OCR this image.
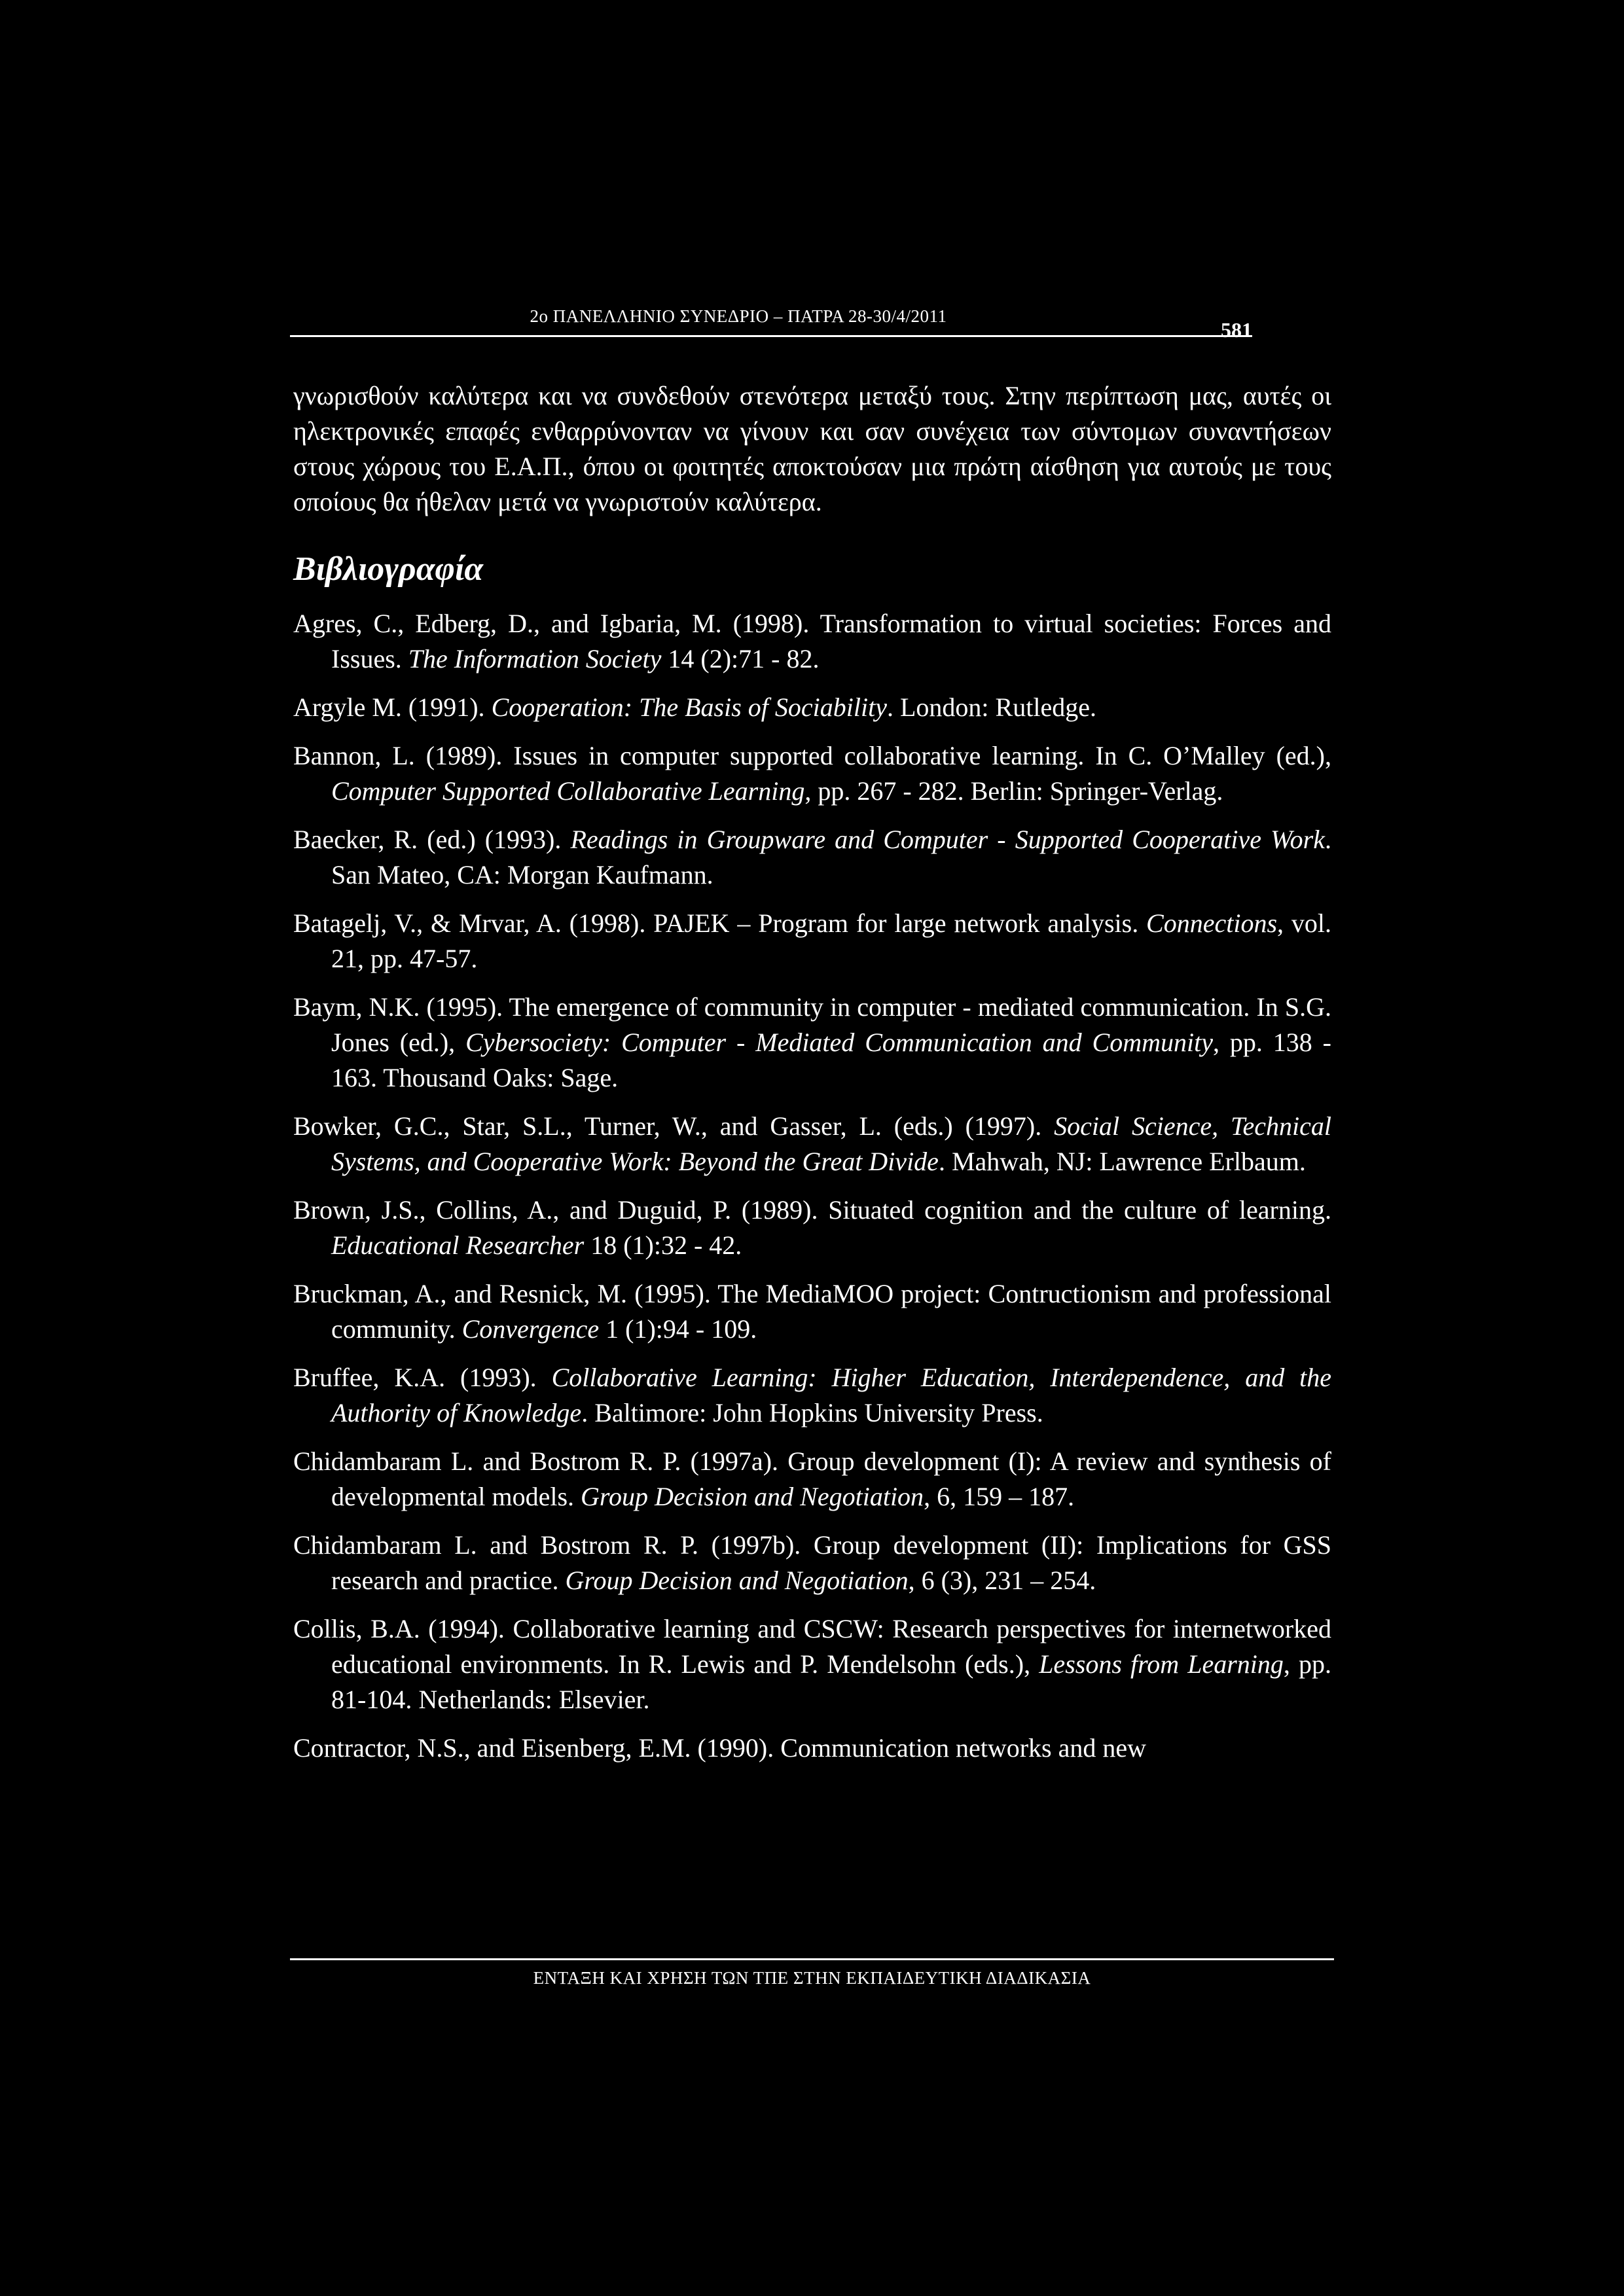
2ο ΠΑΝΕΛΛΗΝΙΟ ΣΥΝΕΔΡΙΟ – ΠΑΤΡΑ 28-30/4/2011
581

γνωρισθούν καλύτερα και να συνδεθούν στενότερα μεταξύ τους. Στην περίπτωση μας, αυτές οι ηλεκτρονικές επαφές ενθαρρύνονταν να γίνουν και σαν συνέχεια των σύντομων συναντήσεων στους χώρους του Ε.Α.Π., όπου οι φοιτητές αποκτούσαν μια πρώτη αίσθηση για αυτούς με τους οποίους θα ήθελαν μετά να γνωριστούν καλύτερα.

Βιβλιογραφία
Agres, C., Edberg, D., and Igbaria, M. (1998). Transformation to virtual societies: Forces and Issues. The Information Society 14 (2):71 - 82.
Argyle M. (1991). Cooperation: The Basis of Sociability. London: Rutledge.
Bannon, L. (1989). Issues in computer supported collaborative learning. In C. O’Malley (ed.), Computer Supported Collaborative Learning, pp. 267 - 282. Berlin: Springer-Verlag.
Baecker, R. (ed.) (1993). Readings in Groupware and Computer - Supported Cooperative Work. San Mateo, CA: Morgan Kaufmann.
Batagelj, V., & Mrvar, A. (1998). PAJEK – Program for large network analysis. Connections, vol. 21, pp. 47-57.
Baym, N.K. (1995). The emergence of community in computer - mediated communication. In S.G. Jones (ed.), Cybersociety: Computer - Mediated Communication and Community, pp. 138 - 163. Thousand Oaks: Sage.
Bowker, G.C., Star, S.L., Turner, W., and Gasser, L. (eds.) (1997). Social Science, Technical Systems, and Cooperative Work: Beyond the Great Divide. Mahwah, NJ: Lawrence Erlbaum.
Brown, J.S., Collins, A., and Duguid, P. (1989). Situated cognition and the culture of learning. Educational Researcher 18 (1):32 - 42.
Bruckman, A., and Resnick, M. (1995). The MediaMOO project: Contructionism and professional community. Convergence 1 (1):94 - 109.
Bruffee, K.A. (1993). Collaborative Learning: Higher Education, Interdependence, and the Authority of Knowledge. Baltimore: John Hopkins University Press.
Chidambaram L. and Bostrom R. P. (1997a). Group development (I): A review and synthesis of developmental models. Group Decision and Negotiation, 6, 159 – 187.
Chidambaram L. and Bostrom R. P. (1997b). Group development (II): Implications for GSS research and practice. Group Decision and Negotiation, 6 (3), 231 – 254.
Collis, B.A. (1994). Collaborative learning and CSCW: Research perspectives for internetworked educational environments. In R. Lewis and P. Mendelsohn (eds.), Lessons from Learning, pp. 81-104. Netherlands: Elsevier.
Contractor, N.S., and Eisenberg, E.M. (1990). Communication networks and new
ΕΝΤΑΞΗ ΚΑΙ ΧΡΗΣΗ ΤΩΝ ΤΠΕ ΣΤΗΝ ΕΚΠΑΙΔΕΥΤΙΚΗ ΔΙΑΔΙΚΑΣΙΑ
